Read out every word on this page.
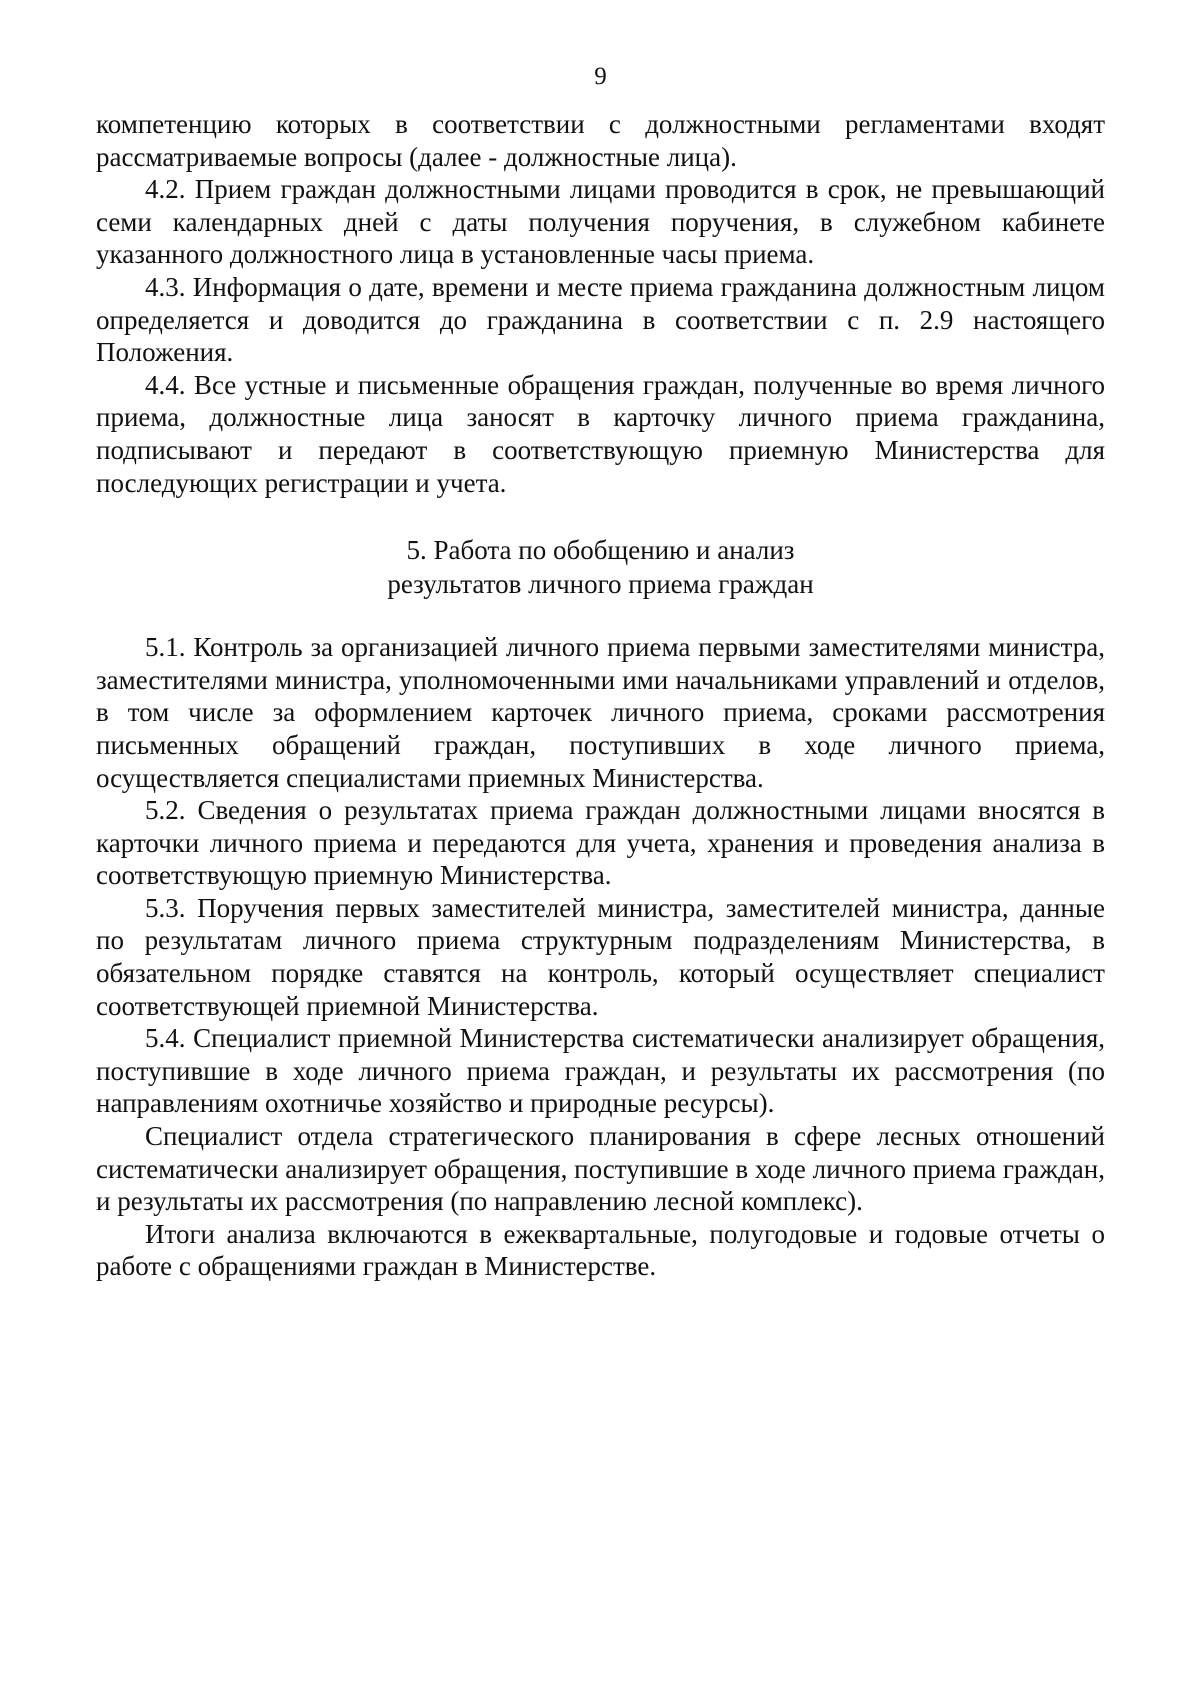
9

компетенцию которых в соответствии с должностными регламентами входят рассматриваемые вопросы (далее - должностные лица).

4.2. Прием граждан должностными лицами проводится в срок, не превышающий семи календарных дней с даты получения поручения, в служебном кабинете указанного должностного лица в установленные часы приема.

4.3. Информация о дате, времени и месте приема гражданина должностным лицом определяется и доводится до гражданина в соответствии с п. 2.9 настоящего Положения.

4.4. Все устные и письменные обращения граждан, полученные во время личного приема, должностные лица заносят в карточку личного приема гражданина, подписывают и передают в соответствующую приемную Министерства для последующих регистрации и учета.

5. Работа по обобщению и анализ
результатов личного приема граждан

5.1. Контроль за организацией личного приема первыми заместителями министра, заместителями министра, уполномоченными ими начальниками управлений и отделов, в том числе за оформлением карточек личного приема, сроками рассмотрения письменных обращений граждан, поступивших в ходе личного приема, осуществляется специалистами приемных Министерства.

5.2. Сведения о результатах приема граждан должностными лицами вносятся в карточки личного приема и передаются для учета, хранения и проведения анализа в соответствующую приемную Министерства.

5.3. Поручения первых заместителей министра, заместителей министра, данные по результатам личного приема структурным подразделениям Министерства, в обязательном порядке ставятся на контроль, который осуществляет специалист соответствующей приемной Министерства.

5.4. Специалист приемной Министерства систематически анализирует обращения, поступившие в ходе личного приема граждан, и результаты их рассмотрения (по направлениям охотничье хозяйство и природные ресурсы).

Специалист отдела стратегического планирования в сфере лесных отношений систематически анализирует обращения, поступившие в ходе личного приема граждан, и результаты их рассмотрения (по направлению лесной комплекс).

Итоги анализа включаются в ежеквартальные, полугодовые и годовые отчеты о работе с обращениями граждан в Министерстве.
